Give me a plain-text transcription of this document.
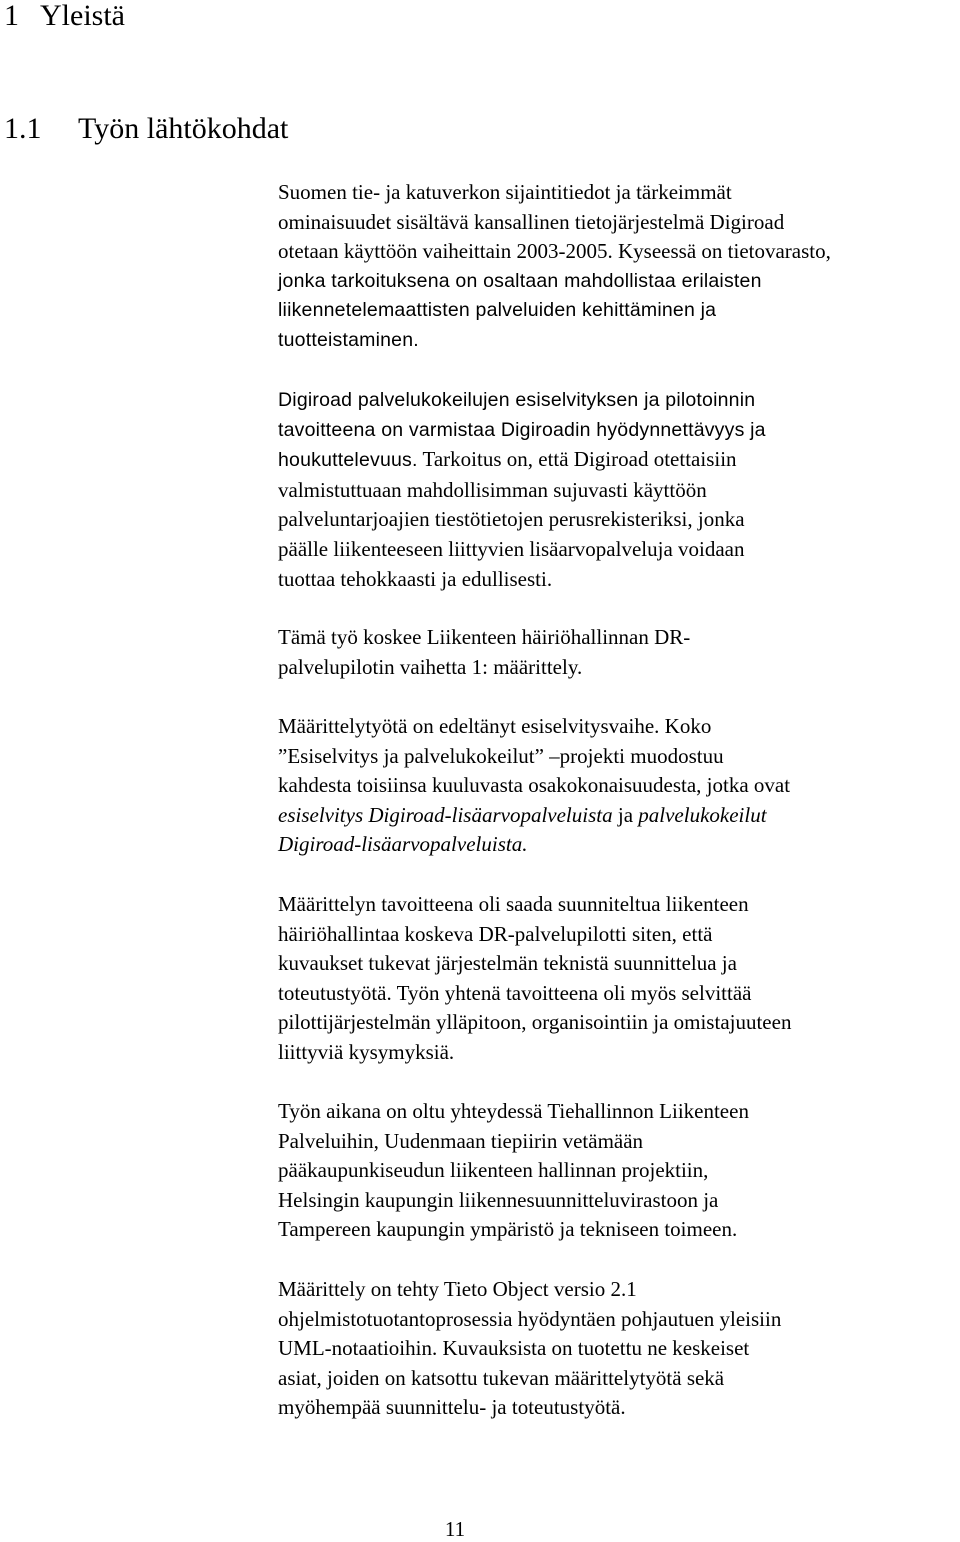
1 Yleistä
1.1 Työn lähtökohdat
Suomen tie- ja katuverkon sijaintitiedot ja tärkeimmät
ominaisuudet sisältävä kansallinen tietojärjestelmä Digiroad
otetaan käyttöön vaiheittain 2003-2005. Kyseessä on tietovarasto,
jonka tarkoituksena on osaltaan mahdollistaa erilaisten
liikennetelemaattisten palveluiden kehittäminen ja
tuotteistaminen.
Digiroad palvelukokeilujen esiselvityksen ja pilotoinnin
tavoitteena on varmistaa Digiroadin hyödynnettävyys ja
houkuttelevuus. Tarkoitus on, että Digiroad otettaisiin
valmistuttuaan mahdollisimman sujuvasti käyttöön
palveluntarjoajien tiestötietojen perusrekisteriksi, jonka
päälle liikenteeseen liittyvien lisäarvopalveluja voidaan
tuottaa tehokkaasti ja edullisesti.
Tämä työ koskee Liikenteen häiriöhallinnan DR-
palvelupilotin vaihetta 1: määrittely.
Määrittelytyötä on edeltänyt esiselvitysvaihe. Koko
”Esiselvitys ja palvelukokeilut” –projekti muodostuu
kahdesta toisiinsa kuuluvasta osakokonaisuudesta, jotka ovat
esiselvitys Digiroad-lisäarvopalveluista ja palvelukokeilut
Digiroad-lisäarvopalveluista.
Määrittelyn tavoitteena oli saada suunniteltua liikenteen
häiriöhallintaa koskeva DR-palvelupilotti siten, että
kuvaukset tukevat järjestelmän teknistä suunnittelua ja
toteutustyötä. Työn yhtenä tavoitteena oli myös selvittää
pilottijärjestelmän ylläpitoon, organisointiin ja omistajuuteen
liittyviä kysymyksiä.
Työn aikana on oltu yhteydessä Tiehallinnon Liikenteen
Palveluihin, Uudenmaan tiepiirin vetämään
pääkaupunkiseudun liikenteen hallinnan projektiin,
Helsingin kaupungin liikennesuunnitteluvirastoon ja
Tampereen kaupungin ympäristö ja tekniseen toimeen.
Määrittely on tehty Tieto Object versio 2.1
ohjelmistotuotantoprosessia hyödyntäen pohjautuen yleisiin
UML-notaatioihin. Kuvauksista on tuotettu ne keskeiset
asiat, joiden on katsottu tukevan määrittelytyötä sekä
myöhempää suunnittelu- ja toteutustyötä.
11
